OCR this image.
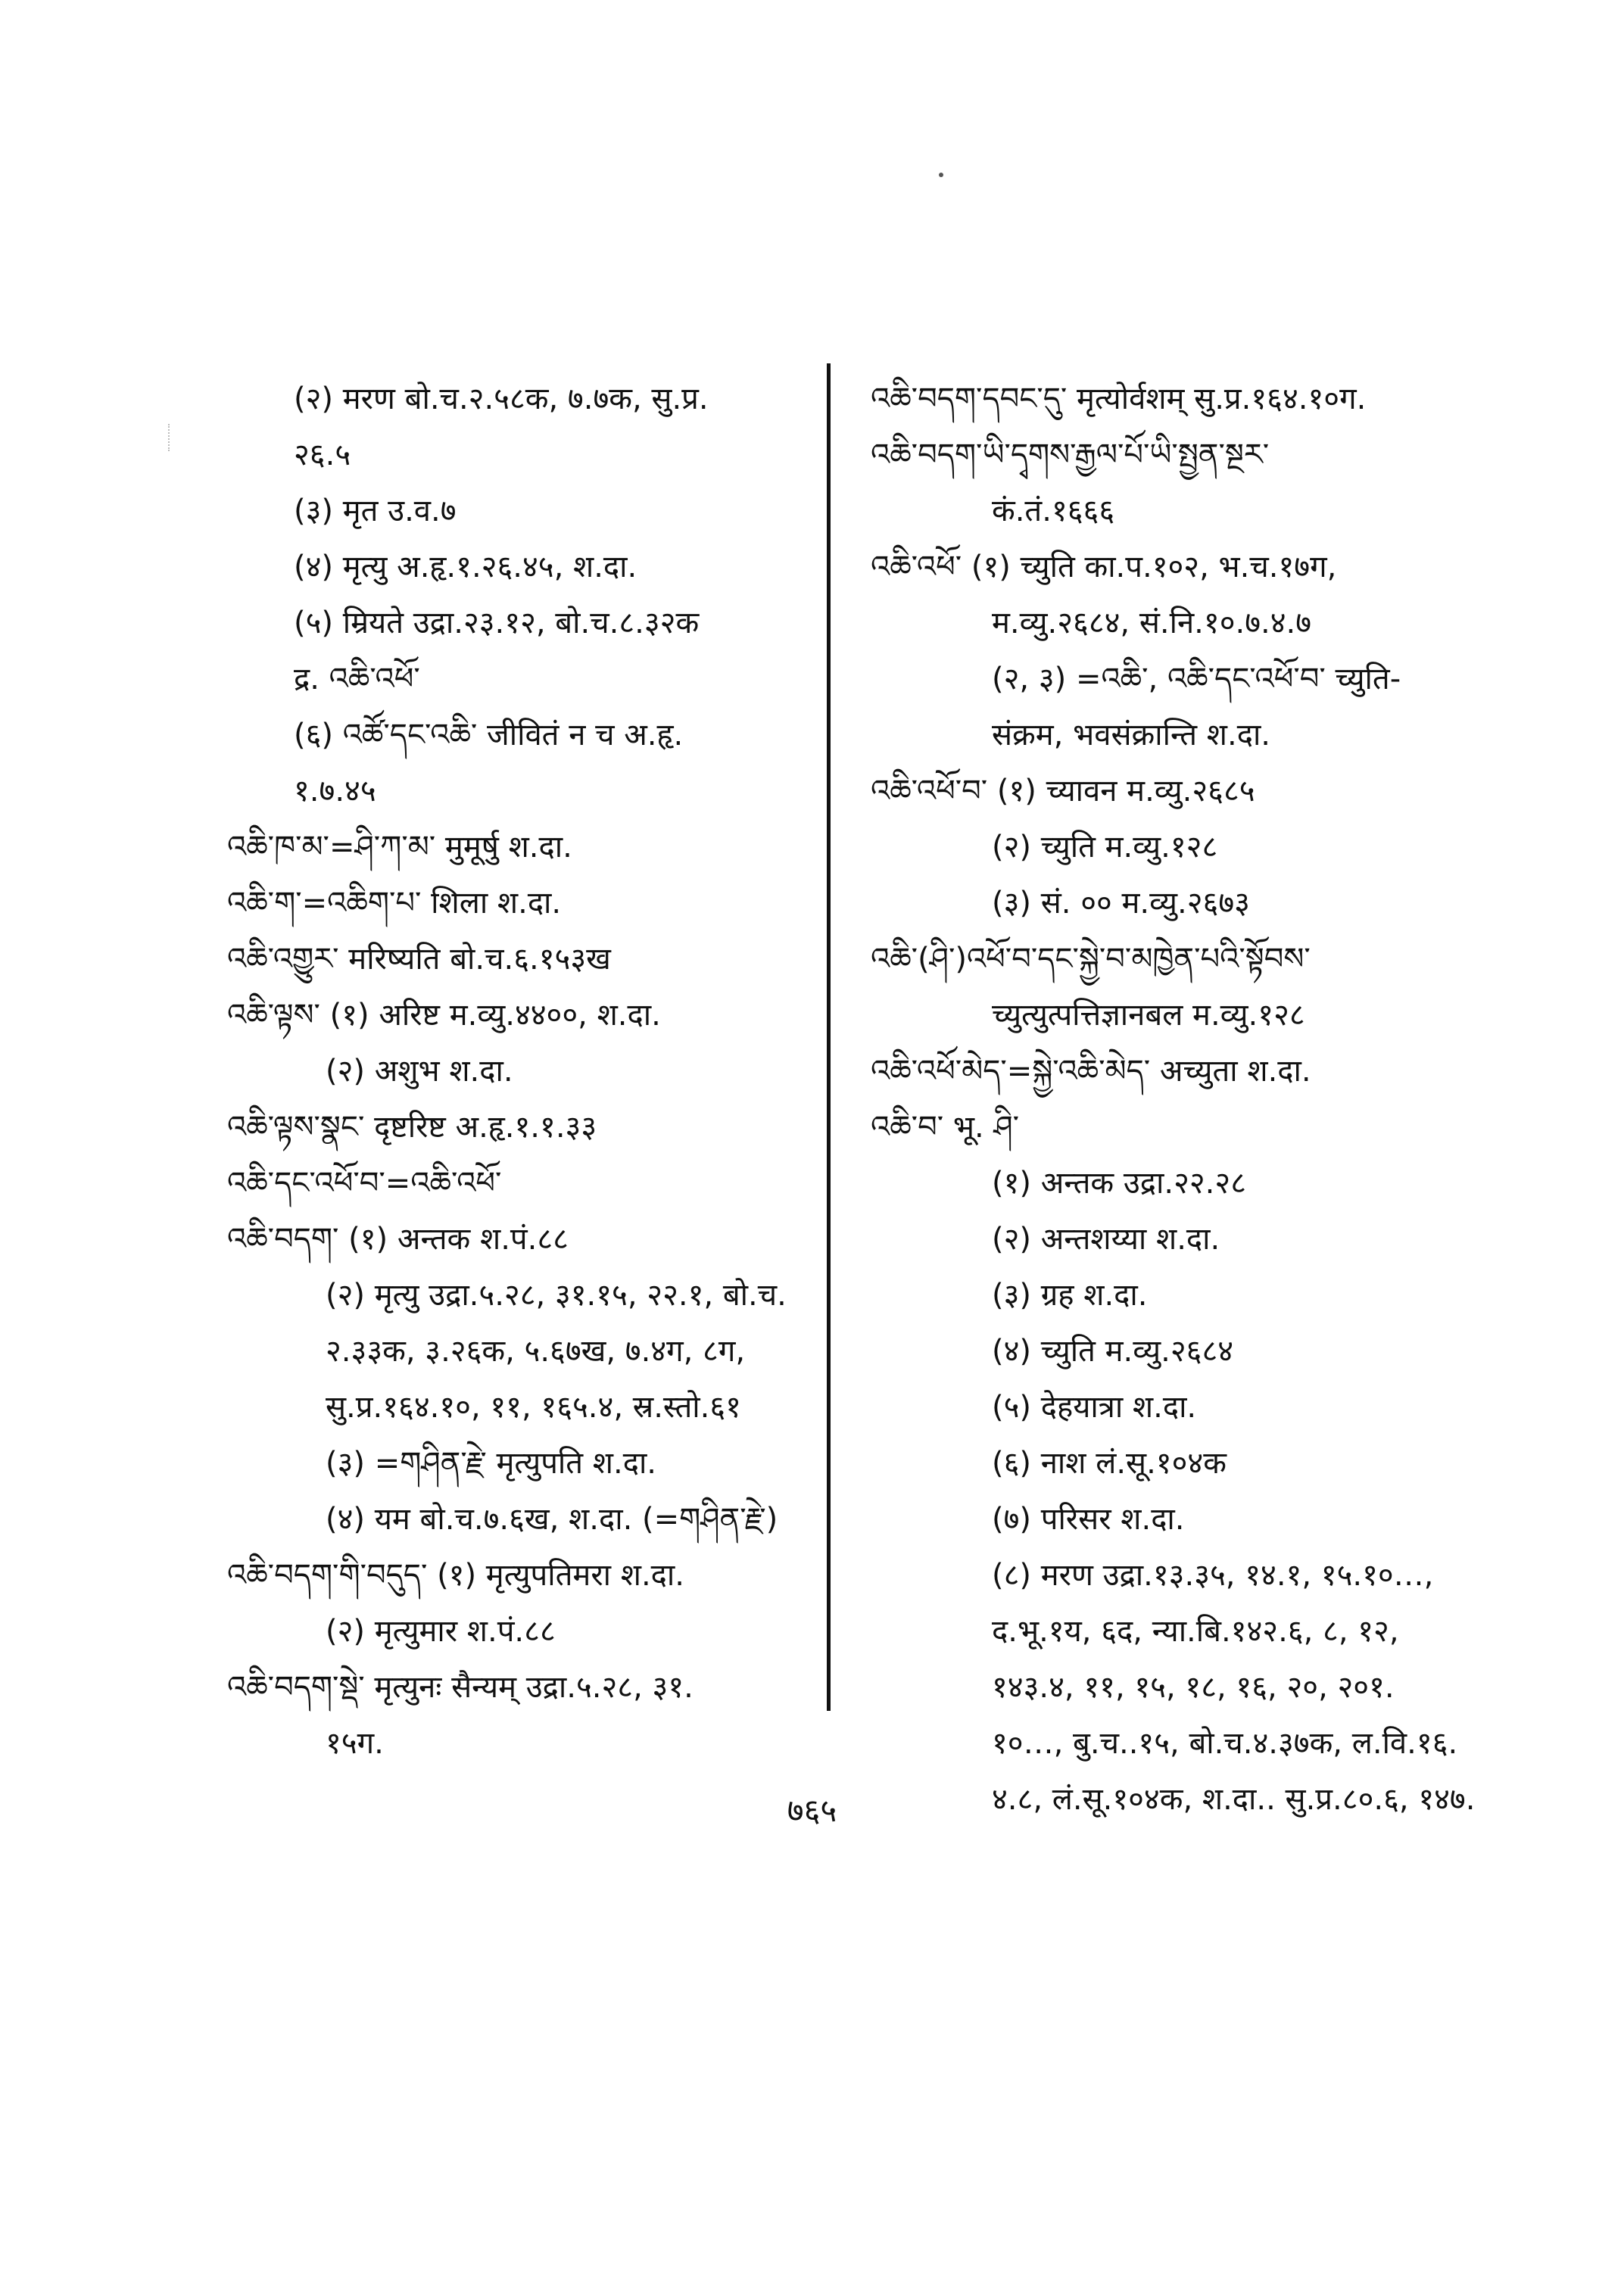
(२) मरण बो.च.२.५८क, ७.७क, सु.प्र.
२६.५
(३) मृत उ.व.७
(४) मृत्यु अ.हृ.१.२६.४५, श.दा.
(५) म्रियते उद्रा.२३.१२, बो.च.८.३२क
द्र. འཆི་འཕོ་
(६) འཚོ་དང་འཆི་ जीवितं न च अ.हृ.
१.७.४५
འཆི་ཁ་མ་=ཤི་ཀ་མ་ मुमूर्षु श.दा.
འཆི་ག་=འཆིག་པ་ शिला श.दा.
འཆི་འགྱུར་ मरिष्यति बो.च.६.१५३ख
འཆི་ལྟས་ (१) अरिष्ट म.व्यु.४४००, श.दा.
(२) अशुभ श.दा.
འཆི་ལྟས་སྣང་ दृष्टरिष्ट अ.हृ.१.१.३३
འཆི་དང་འཕོ་བ་=འཆི་འཕོ་
འཆི་བདག་ (१) अन्तक श.पं.८८
(२) मृत्यु उद्रा.५.२८, ३१.१५, २२.१, बो.च.
२.३३क, ३.२६क, ५.६७ख, ७.४ग, ८ग,
सु.प्र.१६४.१०, ११, १६५.४, स्र.स्तो.६१
(३) =གཤིན་རྗེ་ मृत्युपति श.दा.
(४) यम बो.च.७.६ख, श.दा. (=གཤིན་རྗེ་)
འཆི་བདག་གི་བདུད་ (१) मृत्युपतिमरा श.दा.
(२) मृत्युमार श.पं.८८
འཆི་བདག་སྡེ་ मृत्युनः सैन्यम् उद्रा.५.२८, ३१.
१५ग.
འཆི་བདག་དབང་དུ་ मृत्योर्वशम् सु.प्र.१६४.१०ग.
འཆི་བདག་ཡི་དྭགས་རྒྱལ་པོ་ཡི་སྤྱན་སྔར་
कं.तं.१६६६
འཆི་འཕོ་ (१) च्युति का.प.१०२, भ.च.१७ग,
म.व्यु.२६८४, सं.नि.१०.७.४.७
(२, ३) =འཆི་, འཆི་དང་འཕོ་བ་ च्युति-
संक्रम, भवसंक्रान्ति श.दा.
འཆི་འཕོ་བ་ (१) च्यावन म.व्यु.२६८५
(२) च्युति म.व्यु.१२८
(३) सं. ०० म.व्यु.२६७३
འཆི་(ཤི་)འཕོ་བ་དང་སྐྱེ་བ་མཁྱེན་པའི་སྟོབས་
च्युत्युत्पत्तिज्ञानबल म.व्यु.१२८
འཆི་འཕོ་མེད་=སྐྱེ་འཆི་མེད་ अच्युता श.दा.
འཆི་བ་ भू. ཤི་
(१) अन्तक उद्रा.२२.२८
(२) अन्तशय्या श.दा.
(३) ग्रह श.दा.
(४) च्युति म.व्यु.२६८४
(५) देहयात्रा श.दा.
(६) नाश लं.सू.१०४क
(७) परिसर श.दा.
(८) मरण उद्रा.१३.३५, १४.१, १५.१०…,
द.भू.१य, ६द, न्या.बि.१४२.६, ८, १२,
१४३.४, ११, १५, १८, १६, २०, २०१.
१०…, बु.च..१५, बो.च.४.३७क, ल.वि.१६.
४.८, लं.सू.१०४क, श.दा.. सु.प्र.८०.६, १४७.
७६५
